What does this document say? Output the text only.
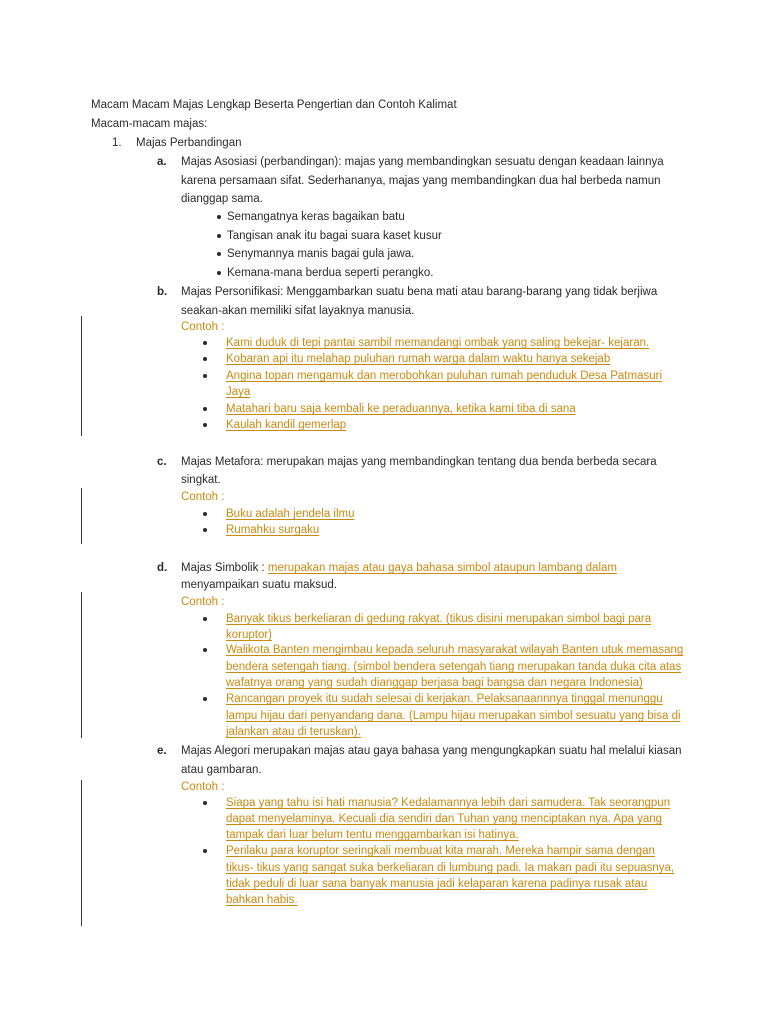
Macam Macam Majas Lengkap Beserta Pengertian dan Contoh Kalimat
Macam-macam majas:
1. Majas Perbandingan
a. Majas Asosiasi (perbandingan): majas yang membandingkan sesuatu dengan keadaan lainnya
karena persamaan sifat. Sederhananya, majas yang membandingkan dua hal berbeda namun
dianggap sama.
Semangatnya keras bagaikan batu
Tangisan anak itu bagai suara kaset kusur
Senymannya manis bagai gula jawa.
Kemana-mana berdua seperti perangko.
b. Majas Personifikasi: Menggambarkan suatu bena mati atau barang-barang yang tidak berjiwa
seakan-akan memiliki sifat layaknya manusia.
Contoh :
Kami duduk di tepi pantai sambil memandangi ombak yang saling bekejar- kejaran.
Kobaran api itu melahap puluhan rumah warga dalam waktu hanya sekejab
Angina topan mengamuk dan merobohkan puluhan rumah penduduk Desa Patmasuri
Jaya
Matahari baru saja kembali ke peraduannya, ketika kami tiba di sana
Kaulah kandil gemerlap
c. Majas Metafora: merupakan majas yang membandingkan tentang dua benda berbeda secara
singkat.
Contoh :
Buku adalah jendela ilmu
Rumahku surgaku
d. Majas Simbolik : merupakan majas atau gaya bahasa simbol ataupun lambang dalam
menyampaikan suatu maksud.
Contoh :
Banyak tikus berkeliaran di gedung rakyat. (tikus disini merupakan simbol bagi para
koruptor)
Walikota Banten mengimbau kepada seluruh masyarakat wilayah Banten utuk memasang
bendera setengah tiang. (simbol bendera setengah tiang merupakan tanda duka cita atas
wafatnya orang yang sudah dianggap berjasa bagi bangsa dan negara Indonesia)
Rancangan proyek itu sudah selesai di kerjakan. Pelaksanaannnya tinggal menunggu
lampu hijau dari penyandang dana. (Lampu hijau merupakan simbol sesuatu yang bisa di
jalankan atau di teruskan).
e. Majas Alegori merupakan majas atau gaya bahasa yang mengungkapkan suatu hal melalui kiasan
atau gambaran.
Contoh :
Siapa yang tahu isi hati manusia? Kedalamannya lebih dari samudera. Tak seorangpun
dapat menyelaminya. Kecuali dia sendiri dan Tuhan yang menciptakan nya. Apa yang
tampak dari luar belum tentu menggambarkan isi hatinya.
Perilaku para koruptor seringkali membuat kita marah. Mereka hampir sama dengan
tikus- tikus yang sangat suka berkeliaran di lumbung padi. Ia makan padi itu sepuasnya,
tidak peduli di luar sana banyak manusia jadi kelaparan karena padinya rusak atau
bahkan habis.
